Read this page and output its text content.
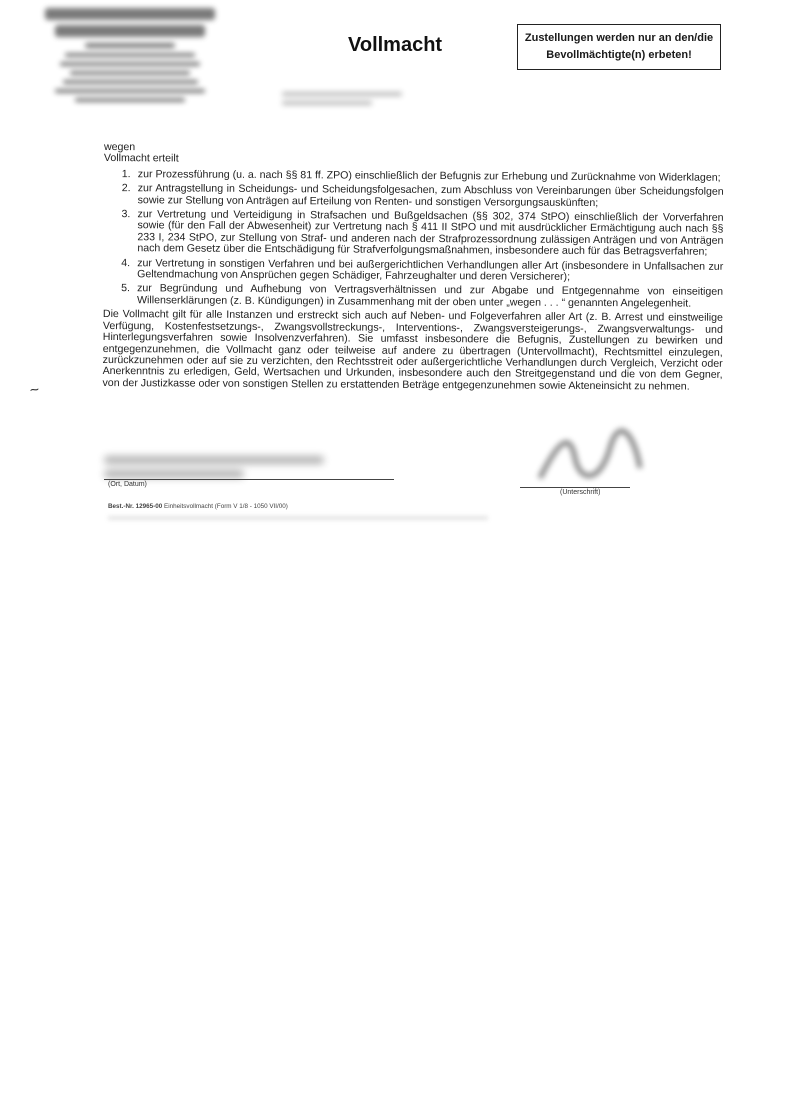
Vollmacht	Zustellungen werden nur an den/die Bevollmächtigte(n) erbeten!
~

wegen

Vollmacht erteilt

1. zur Prozessführung (u. a. nach §§ 81 ff. ZPO) einschließlich der Befugnis zur Erhebung und Zurücknahme von Widerklagen;
2. zur Antragstellung in Scheidungs- und Scheidungsfolgesachen, zum Abschluss von Vereinbarungen über Scheidungsfolgen sowie zur Stellung von Anträgen auf Erteilung von Renten- und sonstigen Versorgungsauskünften;
3. zur Vertretung und Verteidigung in Strafsachen und Bußgeldsachen (§§ 302, 374 StPO) einschließlich der Vorverfahren sowie (für den Fall der Abwesenheit) zur Vertretung nach § 411 II StPO und mit ausdrücklicher Ermächtigung auch nach §§ 233 I, 234 StPO, zur Stellung von Straf- und anderen nach der Strafprozessordnung zulässigen Anträgen und von Anträgen nach dem Gesetz über die Entschädigung für Strafverfolgungsmaßnahmen, insbesondere auch für das Betragsverfahren;
4. zur Vertretung in sonstigen Verfahren und bei außergerichtlichen Verhandlungen aller Art (insbesondere in Unfallsachen zur Geltendmachung von Ansprüchen gegen Schädiger, Fahrzeughalter und deren Versicherer);
5. zur Begründung und Aufhebung von Vertragsverhältnissen und zur Abgabe und Entgegennahme von einseitigen Willenserklärungen (z. B. Kündigungen) in Zusammenhang mit der oben unter „wegen . . . “ genannten Angelegenheit.

Die Vollmacht gilt für alle Instanzen und erstreckt sich auch auf Neben- und Folgeverfahren aller Art (z. B. Arrest und einstweilige Verfügung, Kostenfestsetzungs-, Zwangsvollstreckungs-, Interventions-, Zwangsversteigerungs-, Zwangsverwaltungs- und Hinterlegungsverfahren sowie Insolvenzverfahren). Sie umfasst insbesondere die Befugnis, Zustellungen zu bewirken und entgegenzunehmen, die Vollmacht ganz oder teilweise auf andere zu übertragen (Untervollmacht), Rechtsmittel einzulegen, zurückzunehmen oder auf sie zu verzichten, den Rechtsstreit oder außergerichtliche Verhandlungen durch Vergleich, Verzicht oder Anerkenntnis zu erledigen, Geld, Wertsachen und Urkunden, insbesondere auch den Streitgegenstand und die von dem Gegner, von der Justizkasse oder von sonstigen Stellen zu erstattenden Beträge entgegenzunehmen sowie Akteneinsicht zu nehmen.

(Ort, Datum)
(Unterschrift)
Best.-Nr. 12965-00 Einheitsvollmacht (Form V 1/8 - 1050 VII/00)
